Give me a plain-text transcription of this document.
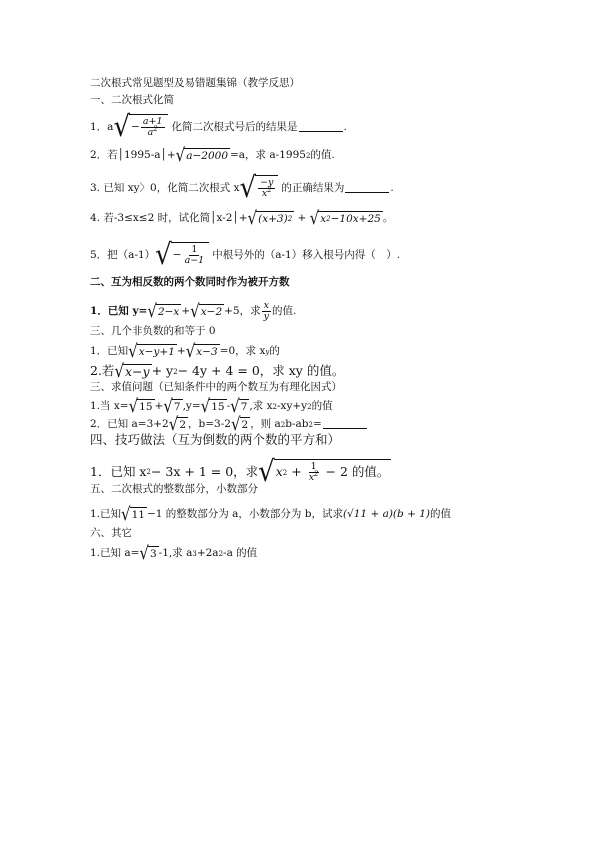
二次根式常见题型及易错题集锦（教学反思）
一、二次根式化简
1．a √ − $\frac{a+1}{a^2}$ 化简二次根式号后的结果是	.
2．若│1995-a│+ √ a−2000 =a，求 a-1995 2 的值.
3. 已知 xy〉0，化简二次根式 x √ $\frac{-y}{x^2}$ 的正确结果为	.
4. 若-3≤x≤2 时，试化简│x-2│+ √ (x+3) 2 + √ x 2 −10x+25 。
5．把（a-1） √ − $\frac{1}{a-1}$ 中根号外的（a-1）移入根号内得（　）.
二、互为相反数的两个数同时作为被开方数
1．已知 y= √ 2−x + √ x−2 +5，求 $\frac{x}{y}$ 的值.
三、几个非负数的和等于 0
1．已知 √ x−y+1 + √ x−3 =0，求 x y 的
2.若 √ x−y + y 2 − 4y + 4 = 0，求 xy 的值。
三、求值问题（已知条件中的两个数互为有理化因式）
1.当 x= √ 15 + √ 7 ,y= √ 15 - √ 7 ,求 x 2 -xy+y 2 的值
2．已知 a=3+2 √ 2 ，b=3-2 √ 2 ，则 a 2 b-ab 2 =
四、技巧做法（互为倒数的两个数的平方和）
1．已知 x 2 − 3x + 1 = 0，求 √ x $2 + \frac{1}{x^2}$
− 2 的值。
五、二次根式的整数部分，小数部分
1.已知 √ 11 −1 的整数部分为 a，小数部分为 b，试求 (√11 + a)(b + 1) 的值
六、其它
1.已知 a= √ 3 -1,求 a 3 +2a 2 -a 的值
